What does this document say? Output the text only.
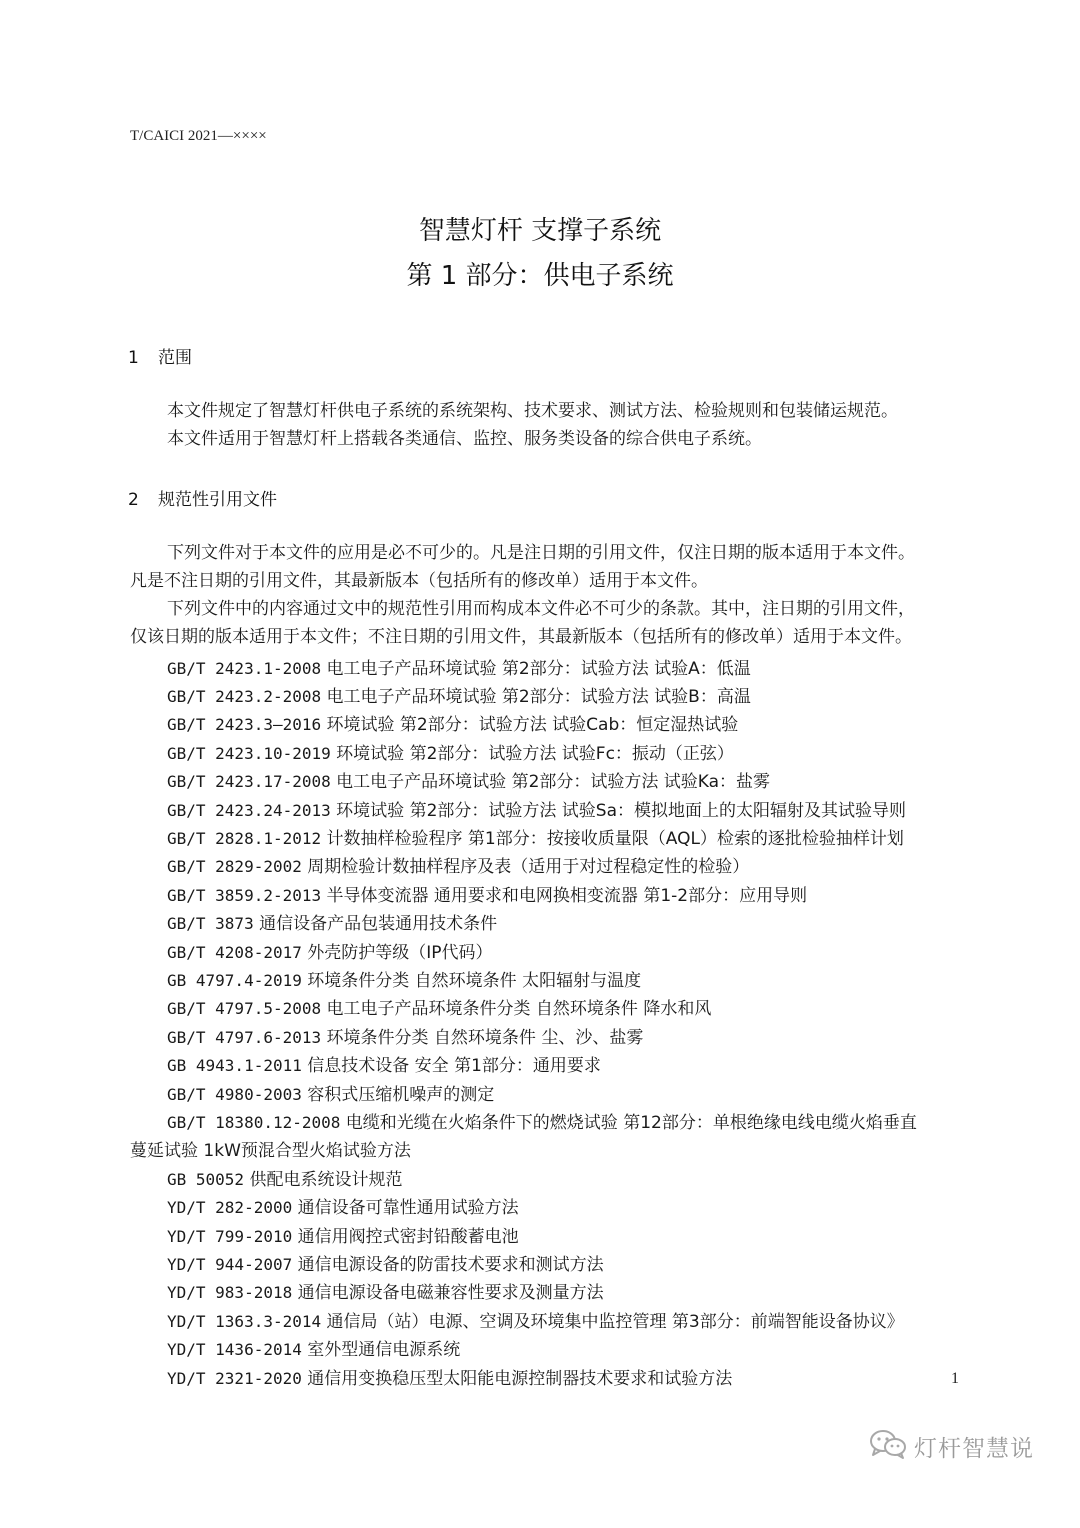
T/CAICI 2021—××××
智慧灯杆 支撑子系统
第 1 部分：供电子系统
1 范围
本文件规定了智慧灯杆供电子系统的系统架构、技术要求、测试方法、检验规则和包装储运规范。
本文件适用于智慧灯杆上搭载各类通信、监控、服务类设备的综合供电子系统。
2 规范性引用文件
下列文件对于本文件的应用是必不可少的。凡是注日期的引用文件，仅注日期的版本适用于本文件。
凡是不注日期的引用文件，其最新版本（包括所有的修改单）适用于本文件。
下列文件中的内容通过文中的规范性引用而构成本文件必不可少的条款。其中，注日期的引用文件，
仅该日期的版本适用于本文件；不注日期的引用文件，其最新版本（包括所有的修改单）适用于本文件。
GB/T 2423.1-2008 电工电子产品环境试验 第2部分：试验方法 试验A：低温
GB/T 2423.2-2008 电工电子产品环境试验 第2部分：试验方法 试验B：高温
GB/T 2423.3–2016 环境试验 第2部分：试验方法 试验Cab：恒定湿热试验
GB/T 2423.10-2019 环境试验 第2部分：试验方法 试验Fc：振动（正弦）
GB/T 2423.17-2008 电工电子产品环境试验 第2部分：试验方法 试验Ka：盐雾
GB/T 2423.24-2013 环境试验 第2部分：试验方法 试验Sa：模拟地面上的太阳辐射及其试验导则
GB/T 2828.1-2012 计数抽样检验程序 第1部分：按接收质量限（AQL）检索的逐批检验抽样计划
GB/T 2829-2002 周期检验计数抽样程序及表（适用于对过程稳定性的检验）
GB/T 3859.2-2013 半导体变流器 通用要求和电网换相变流器 第1-2部分：应用导则
GB/T 3873 通信设备产品包装通用技术条件
GB/T 4208-2017 外壳防护等级（IP代码）
GB 4797.4-2019 环境条件分类 自然环境条件 太阳辐射与温度
GB/T 4797.5-2008 电工电子产品环境条件分类 自然环境条件 降水和风
GB/T 4797.6-2013 环境条件分类 自然环境条件 尘、沙、盐雾
GB 4943.1-2011 信息技术设备 安全 第1部分：通用要求
GB/T 4980-2003 容积式压缩机噪声的测定
GB/T 18380.12-2008 电缆和光缆在火焰条件下的燃烧试验 第12部分：单根绝缘电线电缆火焰垂直
蔓延试验 1kW预混合型火焰试验方法
GB 50052 供配电系统设计规范
YD/T 282-2000 通信设备可靠性通用试验方法
YD/T 799-2010 通信用阀控式密封铅酸蓄电池
YD/T 944-2007 通信电源设备的防雷技术要求和测试方法
YD/T 983-2018 通信电源设备电磁兼容性要求及测量方法
YD/T 1363.3-2014 通信局（站）电源、空调及环境集中监控管理 第3部分：前端智能设备协议》
YD/T 1436-2014 室外型通信电源系统
YD/T 2321-2020 通信用变换稳压型太阳能电源控制器技术要求和试验方法	1
灯杆智慧说
